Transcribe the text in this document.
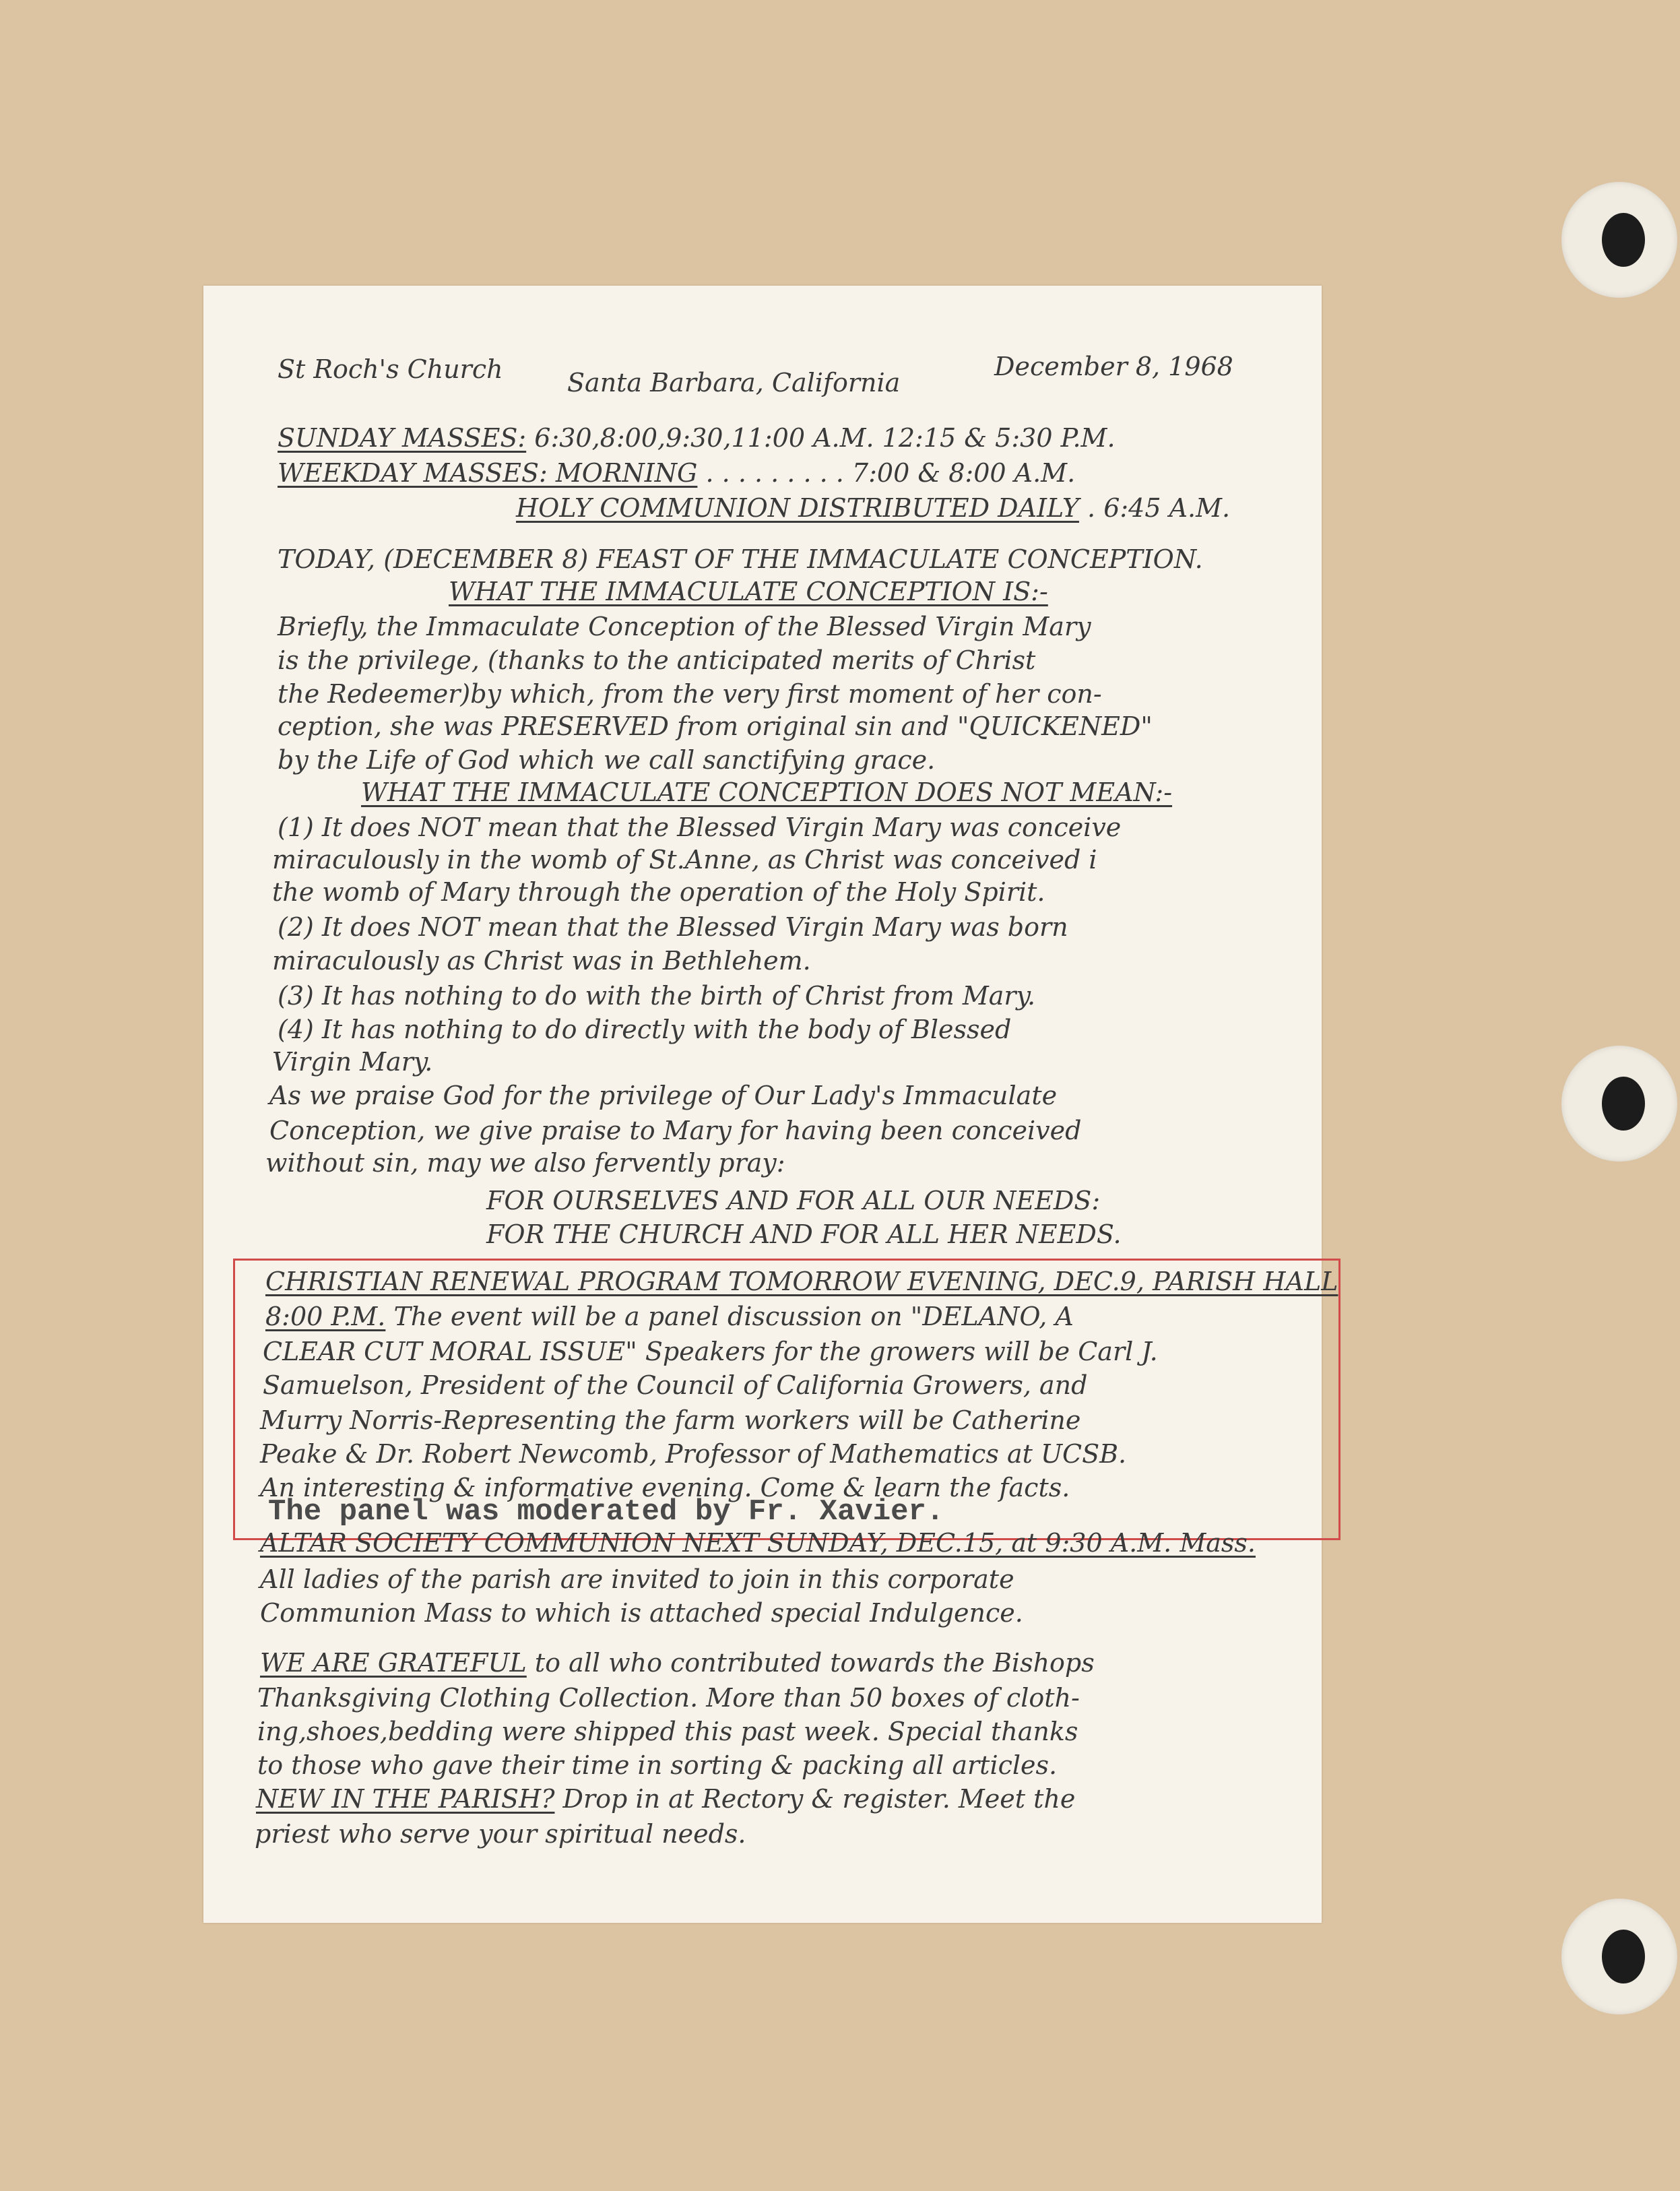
St Roch's Church	Santa Barbara, California

December 8, 1968

SUNDAY MASSES: 6:30,8:00,9:30,11:00 A.M. 12:15 & 5:30 P.M.

WEEKDAY MASSES: MORNING . . . . . . . . . 7:00 & 8:00 A.M.

HOLY COMMUNION DISTRIBUTED DAILY . 6:45 A.M.

TODAY, (DECEMBER 8) FEAST OF THE IMMACULATE CONCEPTION.

WHAT THE IMMACULATE CONCEPTION IS:-

Briefly, the Immaculate Conception of the Blessed Virgin Mary

is the privilege, (thanks to the anticipated merits of Christ

the Redeemer)by which, from the very first moment of her con-

ception, she was PRESERVED from original sin and "QUICKENED"

by the Life of God which we call sanctifying grace.

WHAT THE IMMACULATE CONCEPTION DOES NOT MEAN:-

(1) It does NOT mean that the Blessed Virgin Mary was conceive

miraculously in the womb of St.Anne, as Christ was conceived i

the womb of Mary through the operation of the Holy Spirit.

(2) It does NOT mean that the Blessed Virgin Mary was born

miraculously as Christ was in Bethlehem.

(3) It has nothing to do with the birth of Christ from Mary.

(4) It has nothing to do directly with the body of Blessed

Virgin Mary.

As we praise God for the privilege of Our Lady's Immaculate

Conception, we give praise to Mary for having been conceived

without sin, may we also fervently pray:

FOR OURSELVES AND FOR ALL OUR NEEDS:

FOR THE CHURCH AND FOR ALL HER NEEDS.

CHRISTIAN RENEWAL PROGRAM TOMORROW EVENING, DEC.9, PARISH HALL

8:00 P.M. The event will be a panel discussion on "DELANO, A

CLEAR CUT MORAL ISSUE" Speakers for the growers will be Carl J.

Samuelson, President of the Council of California Growers, and

Murry Norris-Representing the farm workers will be Catherine

Peake & Dr. Robert Newcomb, Professor of Mathematics at UCSB.

An interesting & informative evening. Come & learn the facts.

The panel was moderated by Fr. Xavier.

ALTAR SOCIETY COMMUNION NEXT SUNDAY, DEC.15, at 9:30 A.M. Mass.

All ladies of the parish are invited to join in this corporate

Communion Mass to which is attached special Indulgence.

WE ARE GRATEFUL to all who contributed towards the Bishops

Thanksgiving Clothing Collection. More than 50 boxes of cloth-

ing,shoes,bedding were shipped this past week. Special thanks

to those who gave their time in sorting & packing all articles.

NEW IN THE PARISH? Drop in at Rectory & register. Meet the

priest who serve your spiritual needs.
